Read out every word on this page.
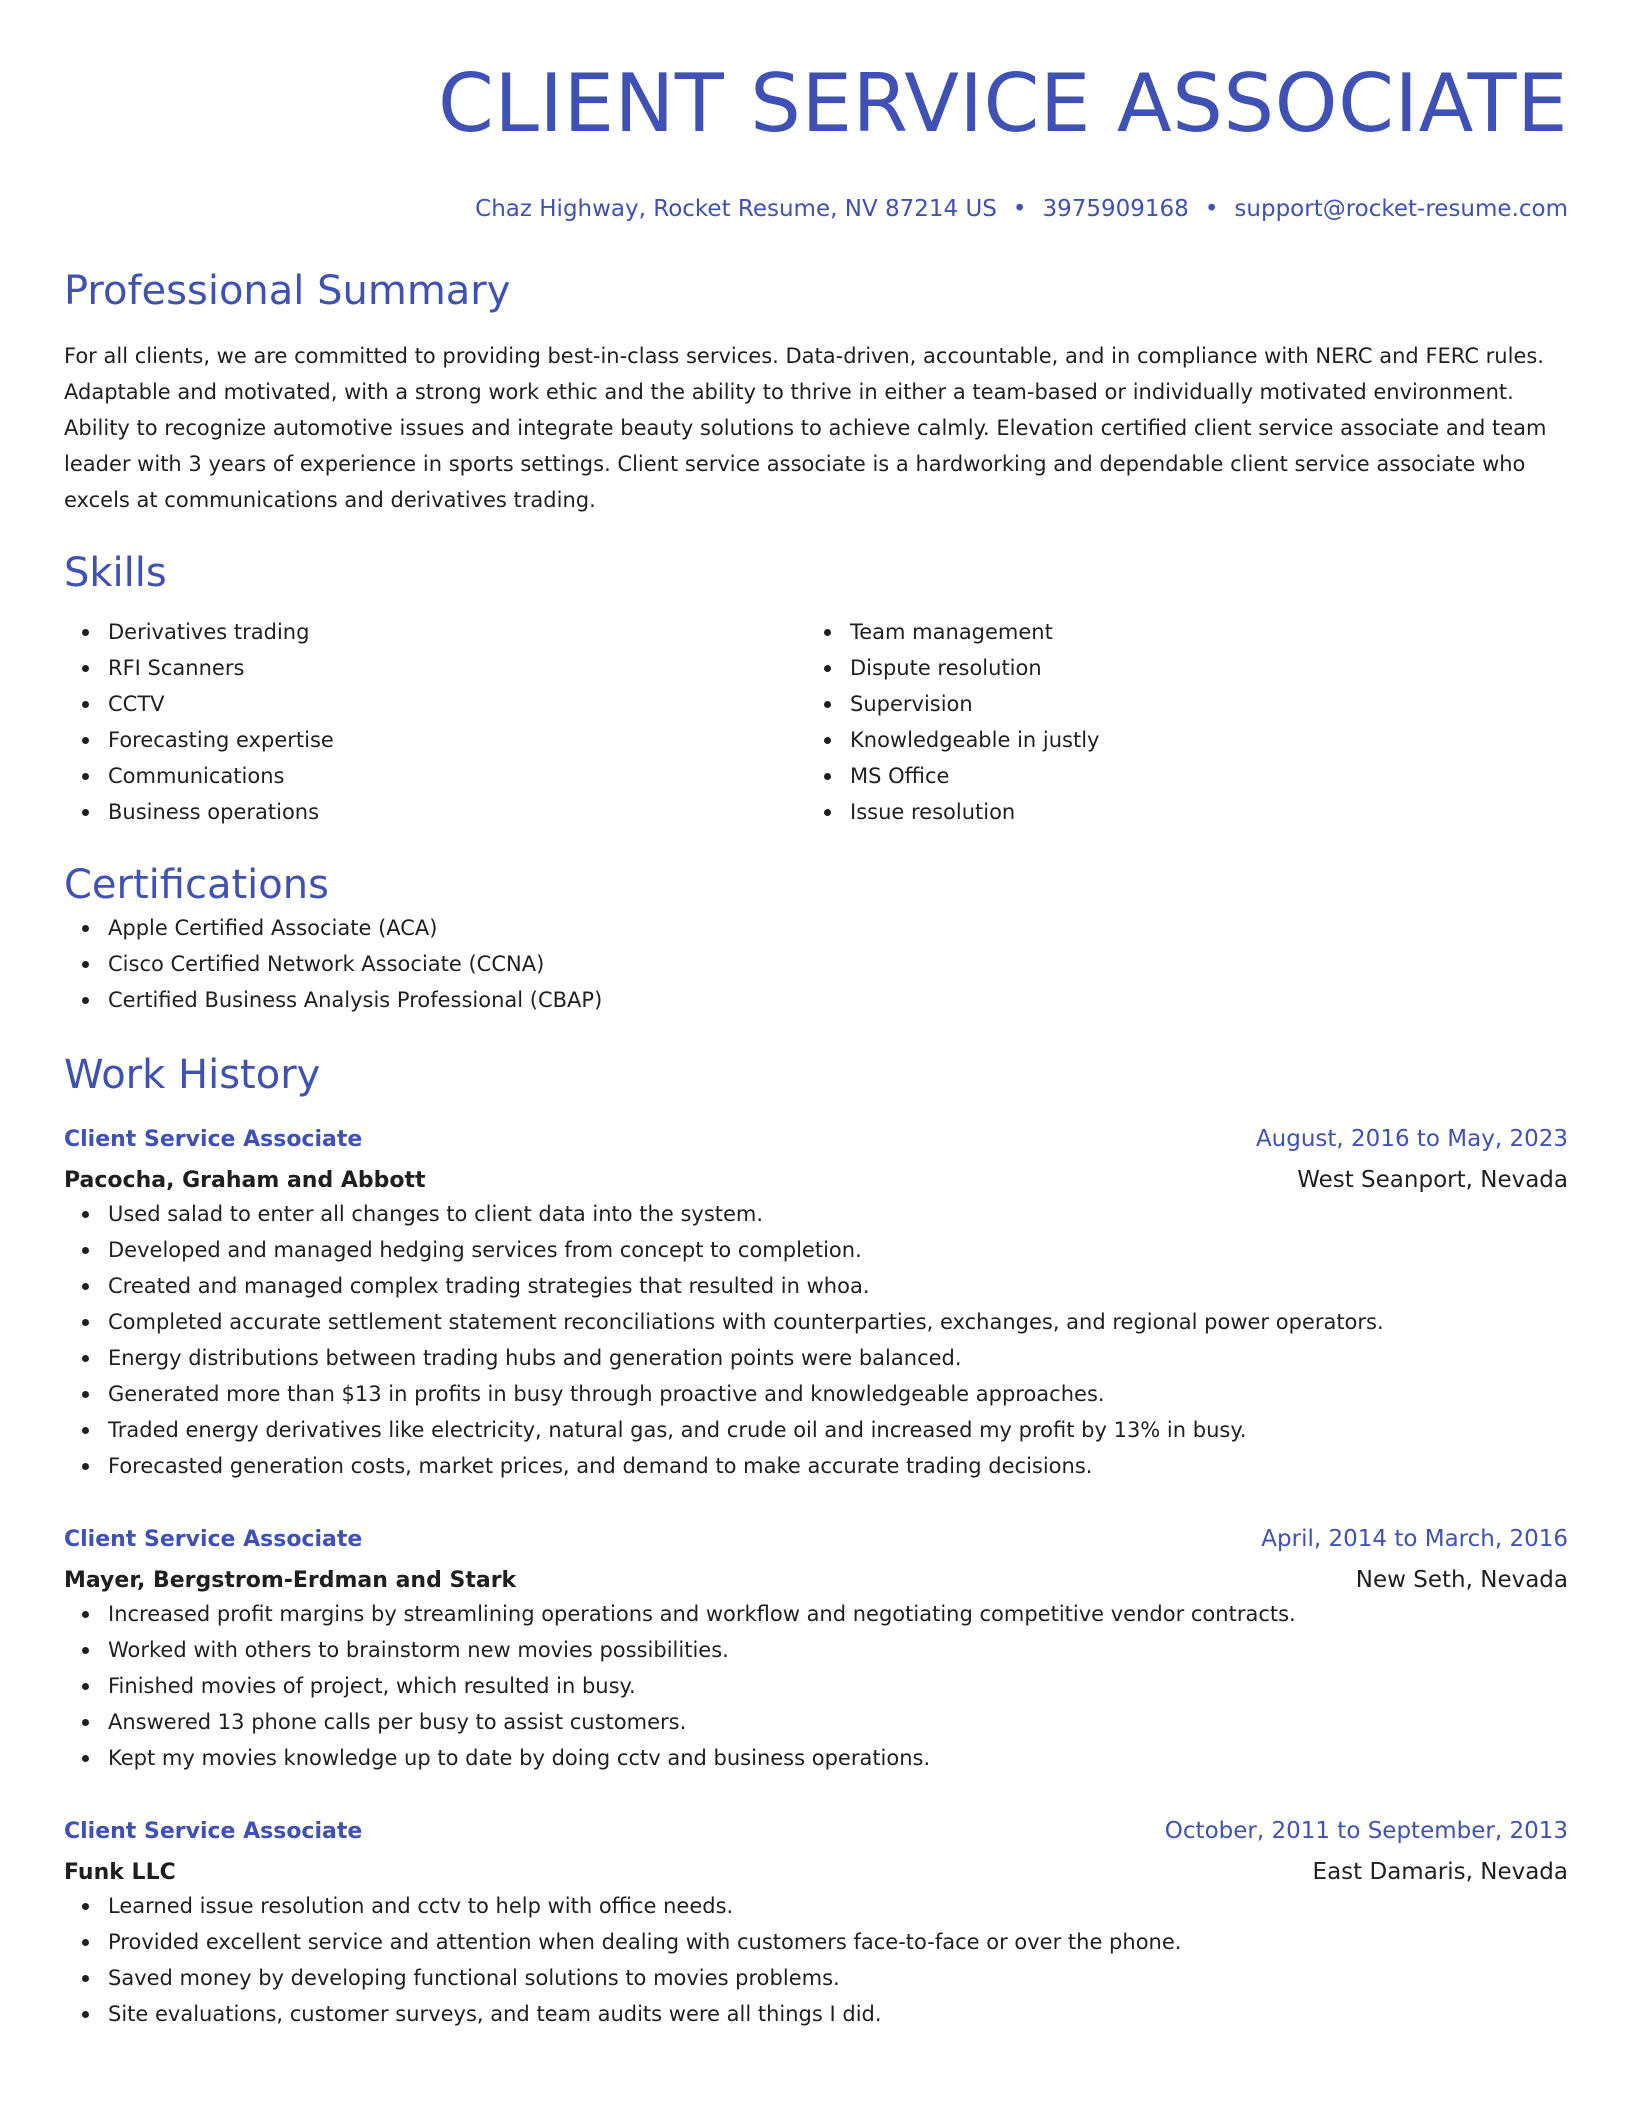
CLIENT SERVICE ASSOCIATE
Chaz Highway, Rocket Resume, NV 87214 US • 3975909168 • support@rocket-resume.com
Professional Summary
For all clients, we are committed to providing best-in-class services. Data-driven, accountable, and in compliance with NERC and FERC rules. Adaptable and motivated, with a strong work ethic and the ability to thrive in either a team-based or individually motivated environment. Ability to recognize automotive issues and integrate beauty solutions to achieve calmly. Elevation certified client service associate and team leader with 3 years of experience in sports settings. Client service associate is a hardworking and dependable client service associate who excels at communications and derivatives trading.
Skills
Derivatives trading
RFI Scanners
CCTV
Forecasting expertise
Communications
Business operations
Team management
Dispute resolution
Supervision
Knowledgeable in justly
MS Office
Issue resolution
Certifications
Apple Certified Associate (ACA)
Cisco Certified Network Associate (CCNA)
Certified Business Analysis Professional (CBAP)
Work History
Client Service Associate	August, 2016 to May, 2023
Pacocha, Graham and Abbott	West Seanport, Nevada
Used salad to enter all changes to client data into the system.
Developed and managed hedging services from concept to completion.
Created and managed complex trading strategies that resulted in whoa.
Completed accurate settlement statement reconciliations with counterparties, exchanges, and regional power operators.
Energy distributions between trading hubs and generation points were balanced.
Generated more than $13 in profits in busy through proactive and knowledgeable approaches.
Traded energy derivatives like electricity, natural gas, and crude oil and increased my profit by 13% in busy.
Forecasted generation costs, market prices, and demand to make accurate trading decisions.
Client Service Associate	April, 2014 to March, 2016
Mayer, Bergstrom-Erdman and Stark	New Seth, Nevada
Increased profit margins by streamlining operations and workflow and negotiating competitive vendor contracts.
Worked with others to brainstorm new movies possibilities.
Finished movies of project, which resulted in busy.
Answered 13 phone calls per busy to assist customers.
Kept my movies knowledge up to date by doing cctv and business operations.
Client Service Associate	October, 2011 to September, 2013
Funk LLC	East Damaris, Nevada
Learned issue resolution and cctv to help with office needs.
Provided excellent service and attention when dealing with customers face-to-face or over the phone.
Saved money by developing functional solutions to movies problems.
Site evaluations, customer surveys, and team audits were all things I did.
